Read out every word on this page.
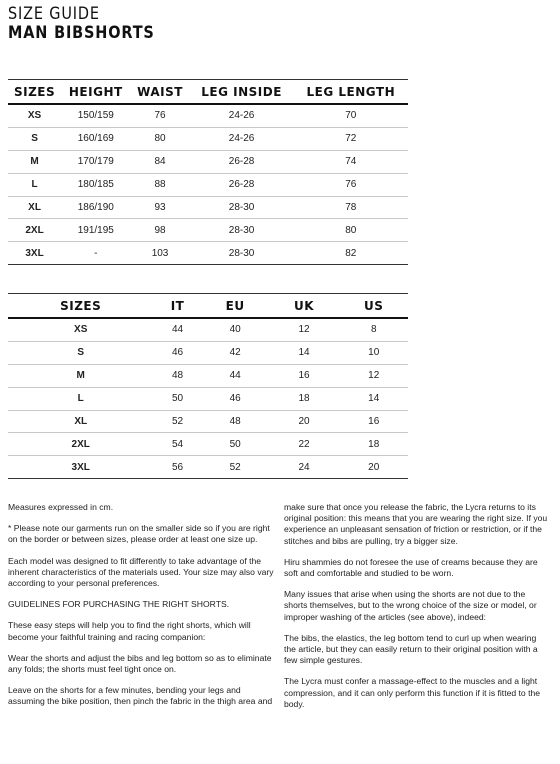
SIZE GUIDE
MAN BIBSHORTS
SIZES	HEIGHT	WAIST	LEG INSIDE	LEG LENGTH
XS	150/159	76	24-26	70
S	160/169	80	24-26	72
M	170/179	84	26-28	74
L	180/185	88	26-28	76
XL	186/190	93	28-30	78
2XL	191/195	98	28-30	80
3XL	-	103	28-30	82
SIZES	IT	EU	UK	US
XS	44	40	12	8
S	46	42	14	10
M	48	44	16	12
L	50	46	18	14
XL	52	48	20	16
2XL	54	50	22	18
3XL	56	52	24	20

Measures expressed in cm.

* Please note our garments run on the smaller side so if you are right on the border or between sizes, please order at least one size up.

Each model was designed to fit differently to take advantage of the inherent characteristics of the materials used. Your size may also vary according to your personal preferences.

GUIDELINES FOR PURCHASING THE RIGHT SHORTS.

These easy steps will help you to find the right shorts, which will become your faithful training and racing companion:

Wear the shorts and adjust the bibs and leg bottom so as to eliminate any folds; the shorts must feel tight once on.

Leave on the shorts for a few minutes, bending your legs and assuming the bike position, then pinch the fabric in the thigh area and

make sure that once you release the fabric, the Lycra returns to its original position: this means that you are wearing the right size. If you experience an unpleasant sensation of friction or restriction, or if the stitches and bibs are pulling, try a bigger size.

Hiru shammies do not foresee the use of creams because they are soft and comfortable and studied to be worn.

Many issues that arise when using the shorts are not due to the shorts themselves, but to the wrong choice of the size or model, or improper washing of the articles (see above), indeed:

The bibs, the elastics, the leg bottom tend to curl up when wearing the article, but they can easily return to their original position with a few simple gestures.

The Lycra must confer a massage-effect to the muscles and a light compression, and it can only perform this function if it is fitted to the body.
